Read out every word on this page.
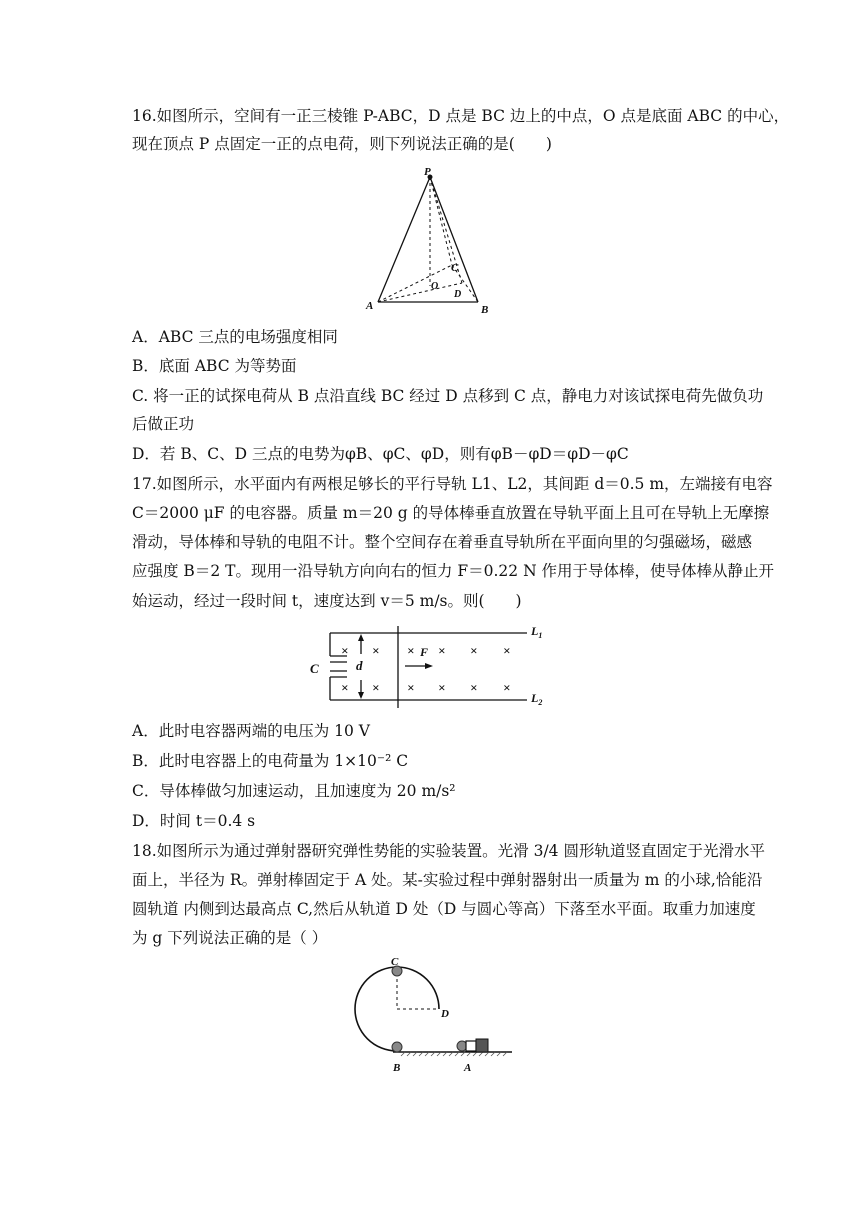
16.如图所示，空间有一正三棱锥 P-ABC，D 点是 BC 边上的中点，O 点是底面 ABC 的中心，
现在顶点 P 点固定一正的点电荷，则下列说法正确的是(　　)
P
A	B
C
O
D
A．ABC 三点的电场强度相同
B．底面 ABC 为等势面
C. 将一正的试探电荷从 B 点沿直线 BC 经过 D 点移到 C 点，静电力对该试探电荷先做负功
后做正功
D．若 B、C、D 三点的电势为φB、φC、φD，则有φB－φD＝φD－φC
17.如图所示，水平面内有两根足够长的平行导轨 L1、L2，其间距 d＝0.5 m，左端接有电容
C＝2000 μF 的电容器。质量 m＝20 g 的导体棒垂直放置在导轨平面上且可在导轨上无摩擦
滑动，导体棒和导轨的电阻不计。整个空间存在着垂直导轨所在平面向里的匀强磁场，磁感
应强度 B＝2 T。现用一沿导轨方向向右的恒力 F＝0.22 N 作用于导体棒，使导体棒从静止开
始运动，经过一段时间 t，速度达到 v＝5 m/s。则(　　)
C	d
F
$L_1$
$L_2$
× × × × × ×
× × × × × ×
A．此时电容器两端的电压为 10 V
B．此时电容器上的电荷量为 1×10⁻² C
C．导体棒做匀加速运动，且加速度为 20 m/s²
D．时间 t＝0.4 s
18.如图所示为通过弹射器研究弹性势能的实验装置。光滑 3/4 圆形轨道竖直固定于光滑水平
面上，半径为 R。弹射棒固定于 A 处。某-实验过程中弹射器射出一质量为 m 的小球,恰能沿
圆轨道 内侧到达最高点 C,然后从轨道 D 处（D 与圆心等高）下落至水平面。取重力加速度
为 g 下列说法正确的是（ ）
C
D
B	A
